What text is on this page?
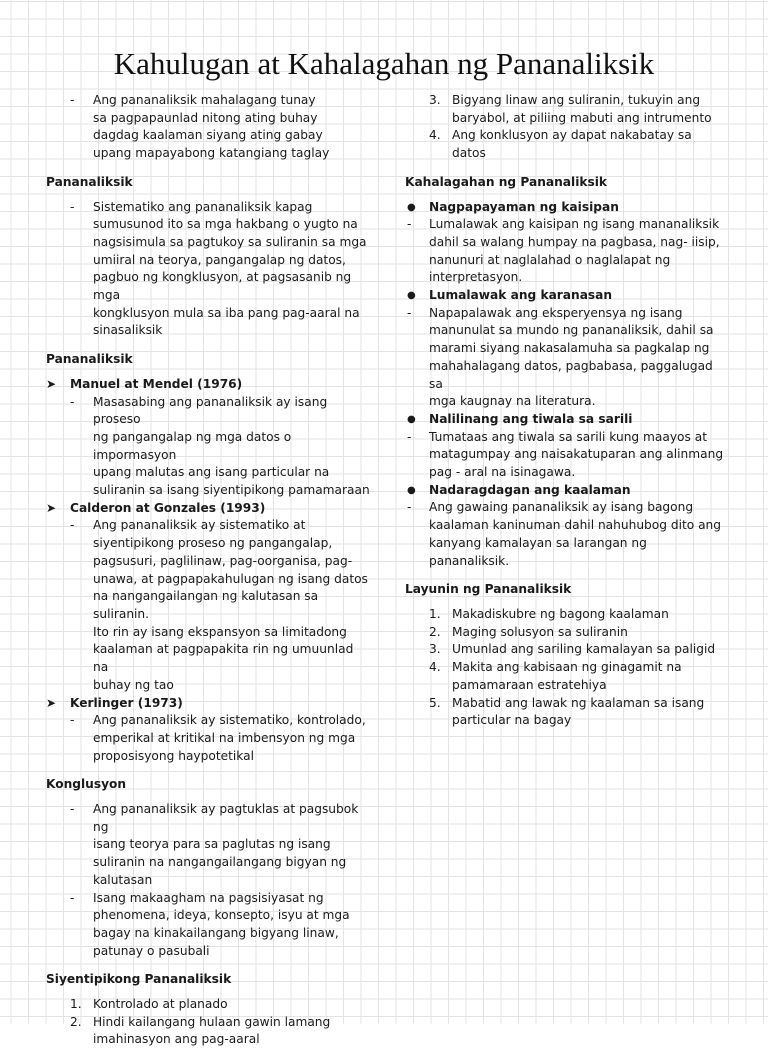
Kahulugan at Kahalagahan ng Pananaliksik
-	Ang pananaliksik mahalagang tunay
sa pagpapaunlad nitong ating buhay
dagdag kaalaman siyang ating gabay
upang mapayabong katangiang taglay
Pananaliksik
-	Sistematiko ang pananaliksik kapag
sumusunod ito sa mga hakbang o yugto na
nagsisimula sa pagtukoy sa suliranin sa mga
umiiral na teorya, pangangalap ng datos,
pagbuo ng kongklusyon, at pagsasanib ng mga
kongklusyon mula sa iba pang pag-aaral na
sinasaliksik
Pananaliksik
➤	Manuel at Mendel (1976)
-	Masasabing ang pananaliksik ay isang proseso
ng pangangalap ng mga datos o impormasyon
upang malutas ang isang particular na
suliranin sa isang siyentipikong pamamaraan
➤	Calderon at Gonzales (1993)
-	Ang pananaliksik ay sistematiko at
siyentipikong proseso ng pangangalap,
pagsusuri, paglilinaw, pag-oorganisa, pag-
unawa, at pagpapakahulugan ng isang datos
na nangangailangan ng kalutasan sa suliranin.
Ito rin ay isang ekspansyon sa limitadong
kaalaman at pagpapakita rin ng umuunlad na
buhay ng tao
➤	Kerlinger (1973)
-	Ang pananaliksik ay sistematiko, kontrolado,
emperikal at kritikal na imbensyon ng mga
proposisyong haypotetikal
Konglusyon
-	Ang pananaliksik ay pagtuklas at pagsubok ng
isang teorya para sa paglutas ng isang
suliranin na nangangailangang bigyan ng
kalutasan
-	Isang makaagham na pagsisiyasat ng
phenomena, ideya, konsepto, isyu at mga
bagay na kinakailangang bigyang linaw,
patunay o pasubali
Siyentipikong Pananaliksik
1. Kontrolado at planado
2. Hindi kailangang hulaan gawin lamang
imahinasyon ang pag-aaral
3. Bigyang linaw ang suliranin, tukuyin ang
baryabol, at piliing mabuti ang intrumento
4. Ang konklusyon ay dapat nakabatay sa datos
Kahalagahan ng Pananaliksik
●	Nagpapayaman ng kaisipan
-	Lumalawak ang kaisipan ng isang mananaliksik
dahil sa walang humpay na pagbasa, nag- iisip,
nanunuri at naglalahad o naglalapat ng
interpretasyon.
●	Lumalawak ang karanasan
-	Napapalawak ang eksperyensya ng isang
manunulat sa mundo ng pananaliksik, dahil sa
marami siyang nakasalamuha sa pagkalap ng
mahahalagang datos, pagbabasa, paggalugad sa
mga kaugnay na literatura.
●	Nalilinang ang tiwala sa sarili
-	Tumataas ang tiwala sa sarili kung maayos at
matagumpay ang naisakatuparan ang alinmang
pag - aral na isinagawa.
●	Nadaragdagan ang kaalaman
-	Ang gawaing pananaliksik ay isang bagong
kaalaman kaninuman dahil nahuhubog dito ang
kanyang kamalayan sa larangan ng pananaliksik.
Layunin ng Pananaliksik
1. Makadiskubre ng bagong kaalaman
2. Maging solusyon sa suliranin
3. Umunlad ang sariling kamalayan sa paligid
4. Makita ang kabisaan ng ginagamit na
pamamaraan estratehiya
5. Mabatid ang lawak ng kaalaman sa isang
particular na bagay
